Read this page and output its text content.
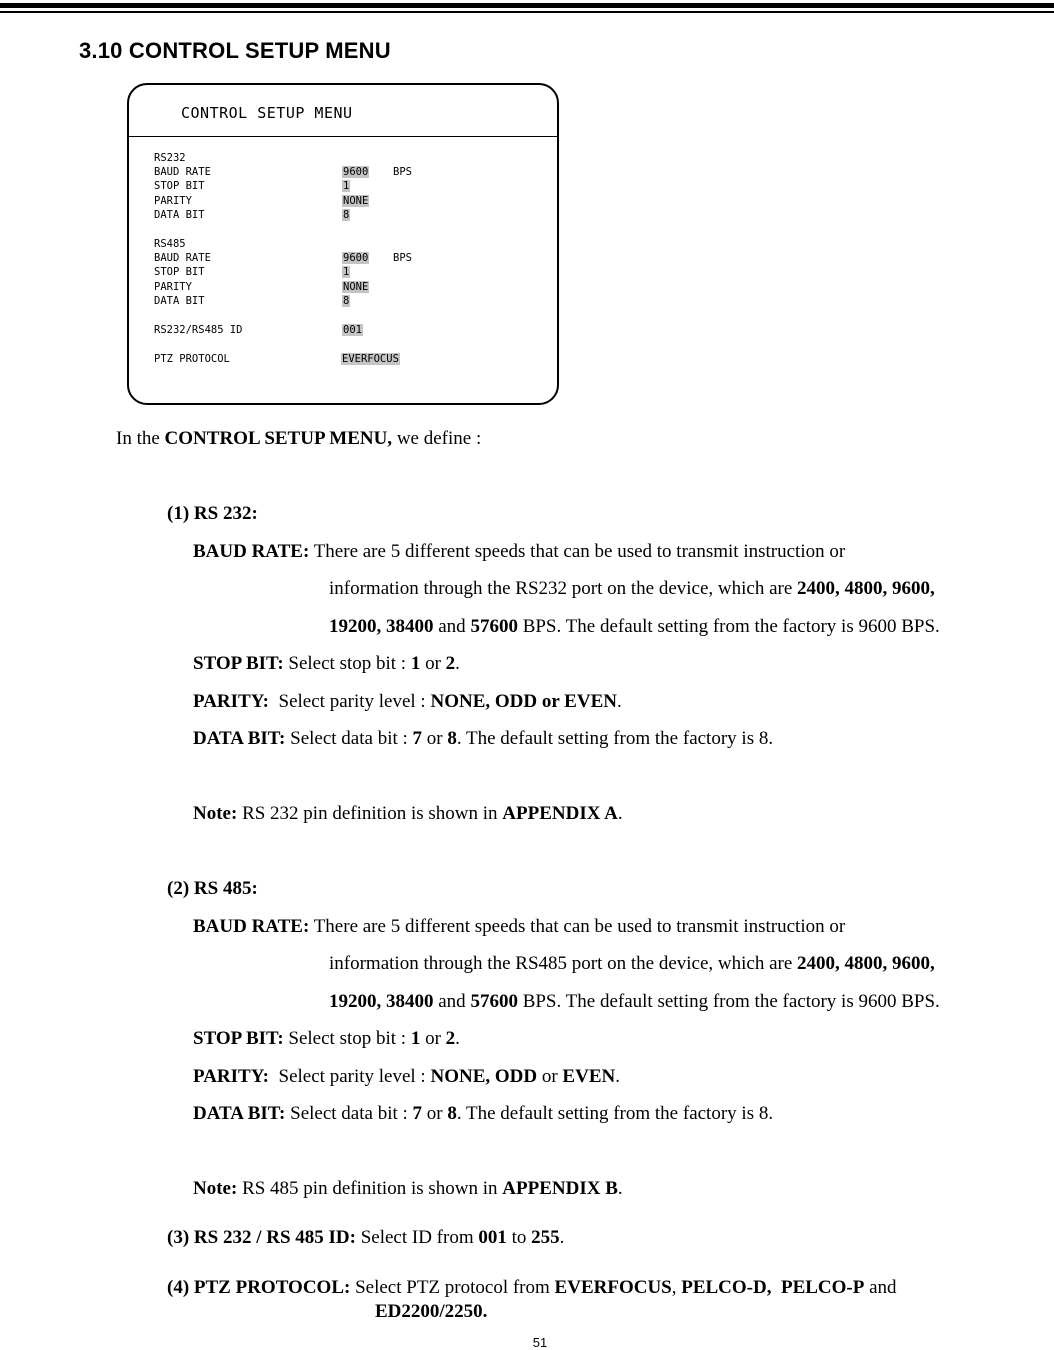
3.10 CONTROL SETUP MENU
CONTROL SETUP MENU
RS232
BAUD RATE	9600 BPS
STOP BIT	1
PARITY	NONE
DATA BIT	8
RS485
BAUD RATE	9600 BPS
STOP BIT	1
PARITY	NONE
DATA BIT	8
RS232/RS485 ID	001
PTZ PROTOCOL	EVERFOCUS
In the CONTROL SETUP MENU, we define :
(1) RS 232:
BAUD RATE: There are 5 different speeds that can be used to transmit instruction or
information through the RS232 port on the device, which are 2400, 4800, 9600,
19200, 38400 and 57600 BPS. The default setting from the factory is 9600 BPS.
STOP BIT: Select stop bit : 1 or 2.
PARITY:  Select parity level : NONE, ODD or EVEN.
DATA BIT: Select data bit : 7 or 8. The default setting from the factory is 8.
Note: RS 232 pin definition is shown in APPENDIX A.
(2) RS 485:
BAUD RATE: There are 5 different speeds that can be used to transmit instruction or
information through the RS485 port on the device, which are 2400, 4800, 9600,
19200, 38400 and 57600 BPS. The default setting from the factory is 9600 BPS.
STOP BIT: Select stop bit : 1 or 2.
PARITY:  Select parity level : NONE, ODD or EVEN.
DATA BIT: Select data bit : 7 or 8. The default setting from the factory is 8.
Note: RS 485 pin definition is shown in APPENDIX B.
(3) RS 232 / RS 485 ID: Select ID from 001 to 255.
(4) PTZ PROTOCOL: Select PTZ protocol from EVERFOCUS, PELCO-D,  PELCO-P and
ED2200/2250.
51
